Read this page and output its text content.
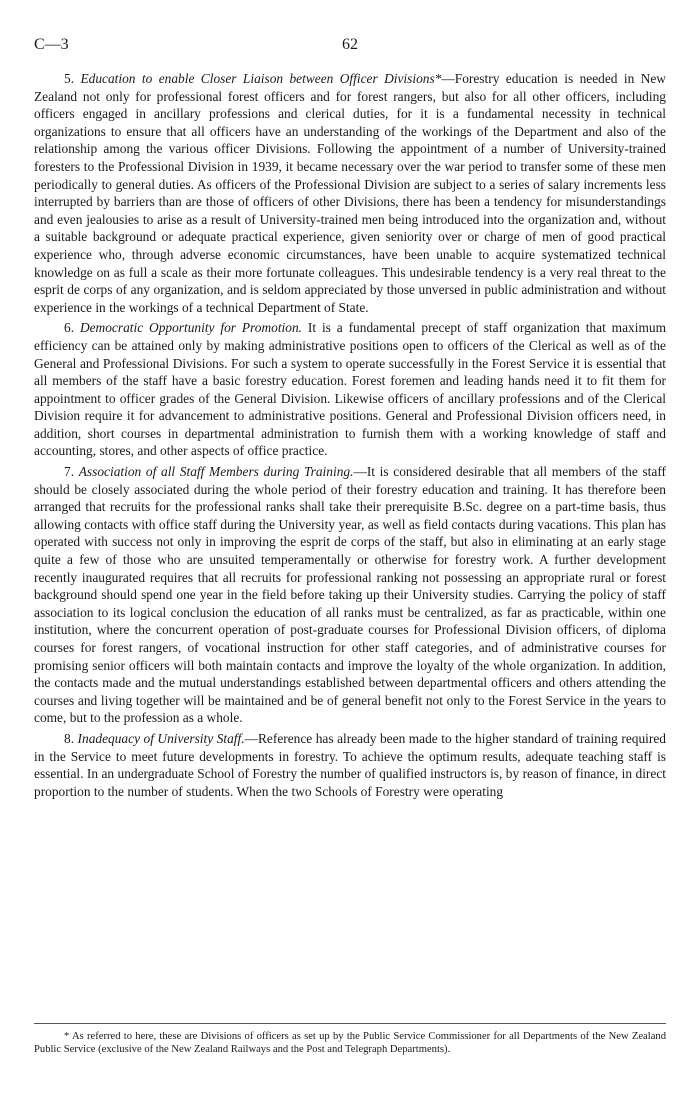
C—3	62

5. Education to enable Closer Liaison between Officer Divisions*—Forestry education is needed in New Zealand not only for professional forest officers and for forest rangers, but also for all other officers, including officers engaged in ancillary professions and clerical duties, for it is a fundamental necessity in technical organizations to ensure that all officers have an understanding of the workings of the Department and also of the relationship among the various officer Divisions. Following the appointment of a number of University-trained foresters to the Professional Division in 1939, it became necessary over the war period to transfer some of these men periodically to general duties. As officers of the Professional Division are subject to a series of salary increments less interrupted by barriers than are those of officers of other Divisions, there has been a tendency for misunderstandings and even jealousies to arise as a result of University-trained men being introduced into the organization and, without a suitable background or adequate practical experience, given seniority over or charge of men of good practical experience who, through adverse economic circumstances, have been unable to acquire systematized technical knowledge on as full a scale as their more fortunate colleagues. This undesirable tendency is a very real threat to the esprit de corps of any organization, and is seldom appreciated by those unversed in public administration and without experience in the workings of a technical Department of State.

6. Democratic Opportunity for Promotion. It is a fundamental precept of staff organization that maximum efficiency can be attained only by making administrative positions open to officers of the Clerical as well as of the General and Professional Divisions. For such a system to operate successfully in the Forest Service it is essential that all members of the staff have a basic forestry education. Forest foremen and leading hands need it to fit them for appointment to officer grades of the General Division. Likewise officers of ancillary professions and of the Clerical Division require it for advancement to administrative positions. General and Professional Division officers need, in addition, short courses in departmental administration to furnish them with a working knowledge of staff and accounting, stores, and other aspects of office practice.

7. Association of all Staff Members during Training.—It is considered desirable that all members of the staff should be closely associated during the whole period of their forestry education and training. It has therefore been arranged that recruits for the professional ranks shall take their prerequisite B.Sc. degree on a part-time basis, thus allowing contacts with office staff during the University year, as well as field contacts during vacations. This plan has operated with success not only in improving the esprit de corps of the staff, but also in eliminating at an early stage quite a few of those who are unsuited temperamentally or otherwise for forestry work. A further development recently inaugurated requires that all recruits for professional ranking not possessing an appropriate rural or forest background should spend one year in the field before taking up their University studies. Carrying the policy of staff association to its logical conclusion the education of all ranks must be centralized, as far as practicable, within one institution, where the concurrent operation of post-graduate courses for Professional Division officers, of diploma courses for forest rangers, of vocational instruction for other staff categories, and of administrative courses for promising senior officers will both maintain contacts and improve the loyalty of the whole organization. In addition, the contacts made and the mutual understandings established between departmental officers and others attending the courses and living together will be maintained and be of general benefit not only to the Forest Service in the years to come, but to the profession as a whole.

8. Inadequacy of University Staff.—Reference has already been made to the higher standard of training required in the Service to meet future developments in forestry. To achieve the optimum results, adequate teaching staff is essential. In an undergraduate School of Forestry the number of qualified instructors is, by reason of finance, in direct proportion to the number of students. When the two Schools of Forestry were operating

* As referred to here, these are Divisions of officers as set up by the Public Service Commissioner for all Departments of the New Zealand Public Service (exclusive of the New Zealand Railways and the Post and Telegraph Departments).
